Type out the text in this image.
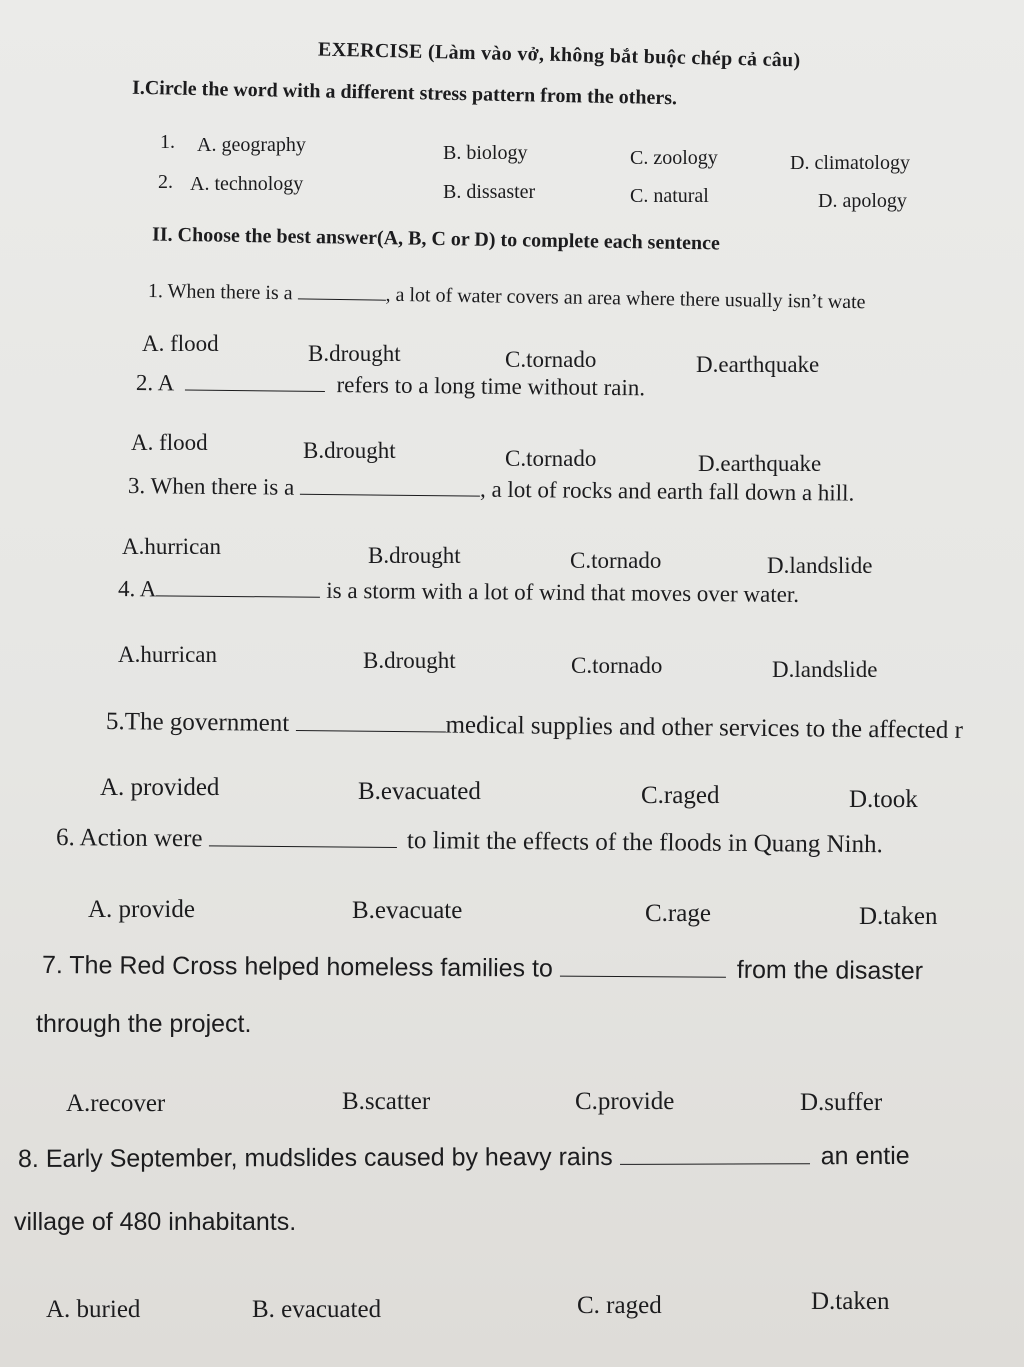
EXERCISE (Làm vào vở, không bắt buộc chép cả câu)
I.Circle the word with a different stress pattern from the others.
1. A. geography	B. biology	C. zoology	D. climatology
2. A. technology	B. dissaster	C. natural	D. apology
II. Choose the best answer(A, B, C or D) to complete each sentence
1. When there is a	, a lot of water covers an area where there usually isn’t wate
A. flood	B.drought	C.tornado	D.earthquake
2. A	refers to a long time without rain.
A. flood	B.drought	C.tornado	D.earthquake
3. When there is a	, a lot of rocks and earth fall down a hill.
A.hurrican	B.drought	C.tornado	D.landslide
4. A	is a storm with a lot of wind that moves over water.
A.hurrican	B.drought	C.tornado	D.landslide
5.The government	medical supplies and other services to the affected r
A. provided	B.evacuated	C.raged	D.took
6. Action were	to limit the effects of the floods in Quang Ninh.
A. provide	B.evacuate	C.rage	D.taken
7. The Red Cross helped homeless families to	from the disaster
through the project.
A.recover	B.scatter	C.provide	D.suffer
8. Early September, mudslides caused by heavy rains	an entie
village of 480 inhabitants.
A. buried	B. evacuated	C. raged	D.taken
